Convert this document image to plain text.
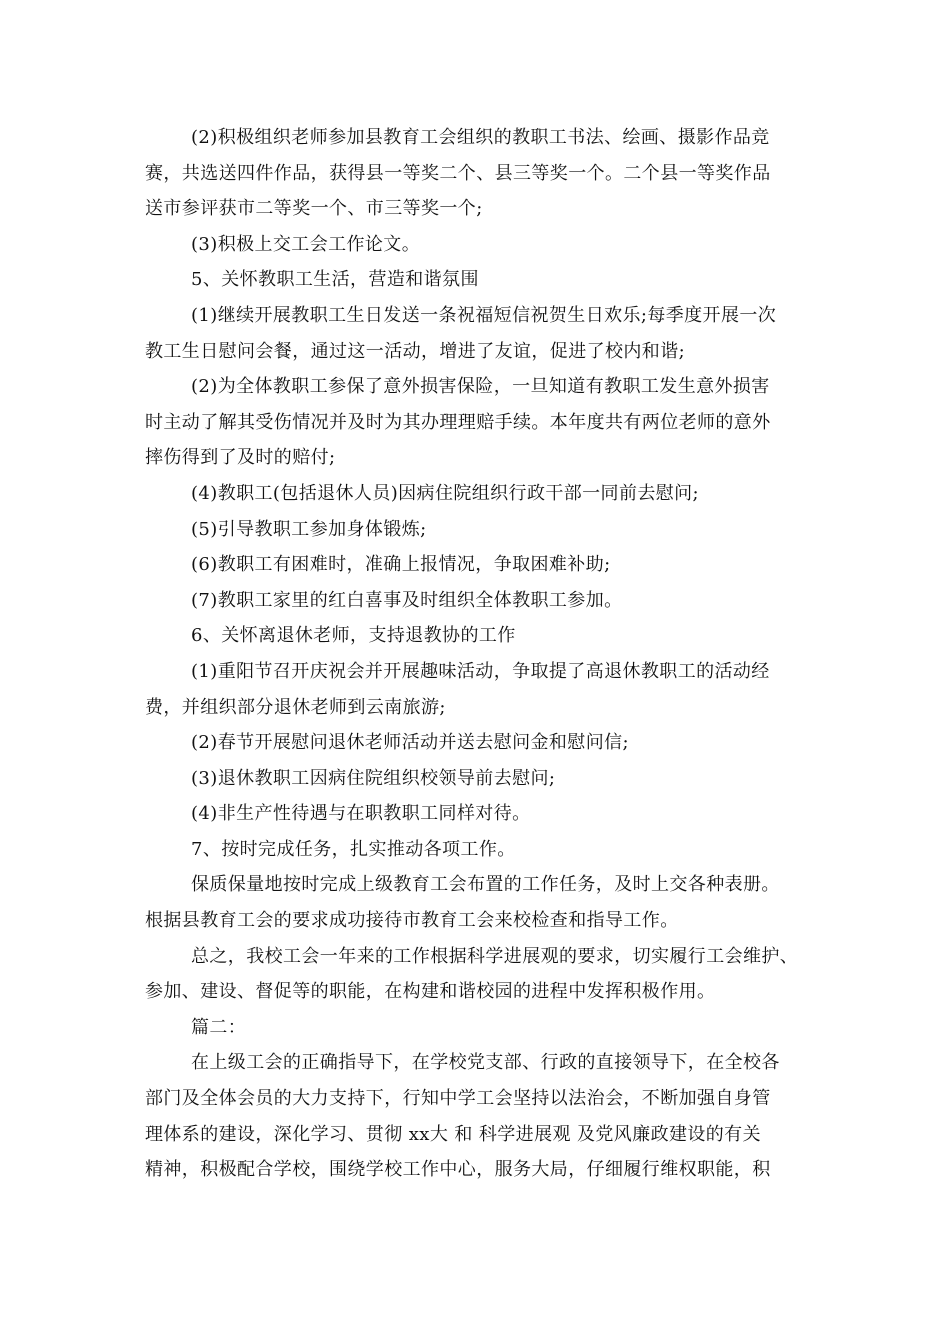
(2)积极组织老师参加县教育工会组织的教职工书法、绘画、摄影作品竞
赛，共选送四件作品，获得县一等奖二个、县三等奖一个。二个县一等奖作品
送市参评获市二等奖一个、市三等奖一个;
(3)积极上交工会工作论文。
5、关怀教职工生活，营造和谐氛围
(1)继续开展教职工生日发送一条祝福短信祝贺生日欢乐;每季度开展一次
教工生日慰问会餐，通过这一活动，增进了友谊，促进了校内和谐;
(2)为全体教职工参保了意外损害保险，一旦知道有教职工发生意外损害
时主动了解其受伤情况并及时为其办理理赔手续。本年度共有两位老师的意外
摔伤得到了及时的赔付;
(4)教职工(包括退休人员)因病住院组织行政干部一同前去慰问;
(5)引导教职工参加身体锻炼;
(6)教职工有困难时，准确上报情况，争取困难补助;
(7)教职工家里的红白喜事及时组织全体教职工参加。
6、关怀离退休老师，支持退教协的工作
(1)重阳节召开庆祝会并开展趣味活动，争取提了高退休教职工的活动经
费，并组织部分退休老师到云南旅游;
(2)春节开展慰问退休老师活动并送去慰问金和慰问信;
(3)退休教职工因病住院组织校领导前去慰问;
(4)非生产性待遇与在职教职工同样对待。
7、按时完成任务，扎实推动各项工作。
保质保量地按时完成上级教育工会布置的工作任务，及时上交各种表册。
根据县教育工会的要求成功接待市教育工会来校检查和指导工作。
总之，我校工会一年来的工作根据科学进展观的要求，切实履行工会维护、
参加、建设、督促等的职能，在构建和谐校园的进程中发挥积极作用。
篇二：
在上级工会的正确指导下，在学校党支部、行政的直接领导下，在全校各
部门及全体会员的大力支持下，行知中学工会坚持以法治会，不断加强自身管
理体系的建设，深化学习、贯彻 xx大 和 科学进展观 及党风廉政建设的有关
精神，积极配合学校，围绕学校工作中心，服务大局，仔细履行维权职能，积
